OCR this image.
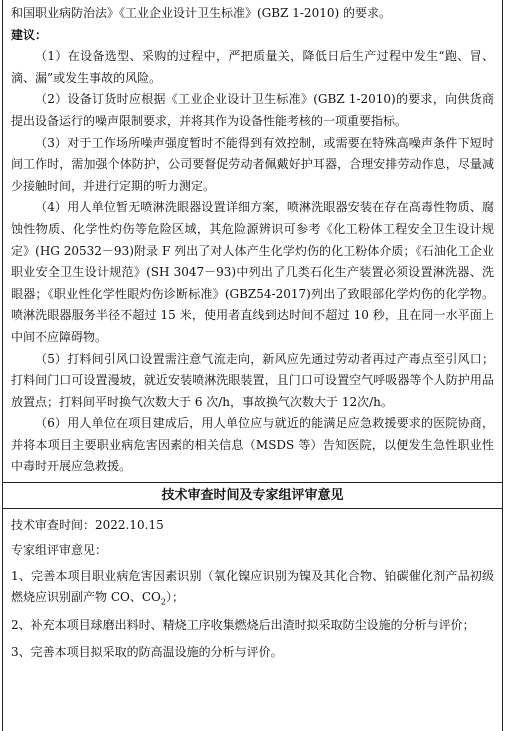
和国职业病防治法》《工业企业设计卫生标准》(GBZ 1-2010) 的要求。

建议：

（1）在设备选型、采购的过程中，严把质量关，降低日后生产过程中发生“跑、冒、滴、漏”或发生事故的风险。

（2）设备订货时应根据《工业企业设计卫生标准》(GBZ 1-2010)的要求，向供货商提出设备运行的噪声限制要求，并将其作为设备性能考核的一项重要指标。

（3）对于工作场所噪声强度暂时不能得到有效控制，或需要在特殊高噪声条件下短时间工作时，需加强个体防护，公司要督促劳动者佩戴好护耳器，合理安排劳动作息，尽量减少接触时间，并进行定期的听力测定。

（4）用人单位暂无喷淋洗眼器设置详细方案，喷淋洗眼器安装在存在高毒性物质、腐蚀性物质、化学性灼伤等危险区域，其危险源辨识可参考《化工粉体工程安全卫生设计规定》(HG 20532－93)附录 F 列出了对人体产生化学灼伤的化工粉体介质；《石油化工企业职业安全卫生设计规范》(SH 3047－93)中列出了几类石化生产装置必须设置淋洗器、洗眼器；《职业性化学性眼灼伤诊断标准》(GBZ54-2017)列出了致眼部化学灼伤的化学物。喷淋洗眼器服务半径不超过 15 米，使用者直线到达时间不超过 10 秒，且在同一水平面上中间不应障碍物。

（5）打料间引风口设置需注意气流走向，新风应先通过劳动者再过产毒点至引风口；打料间门口可设置漫坡，就近安装喷淋洗眼装置，且门口可设置空气呼吸器等个人防护用品放置点；打料间平时换气次数大于 6 次/h，事故换气次数大于 12次/h。

（6）用人单位在项目建成后，用人单位应与就近的能满足应急救援要求的医院协商，并将本项目主要职业病危害因素的相关信息（MSDS 等）告知医院，以便发生急性职业性中毒时开展应急救援。

技术审查时间及专家组评审意见

技术审查时间：2022.10.15

专家组评审意见：

1、完善本项目职业病危害因素识别（氧化镍应识别为镍及其化合物、铂碳催化剂产品初级燃烧应识别副产物 CO、$CO_2$）；

2、补充本项目球磨出料时、精烧工序收集燃烧后出渣时拟采取防尘设施的分析与评价；

3、完善本项目拟采取的防高温设施的分析与评价。
